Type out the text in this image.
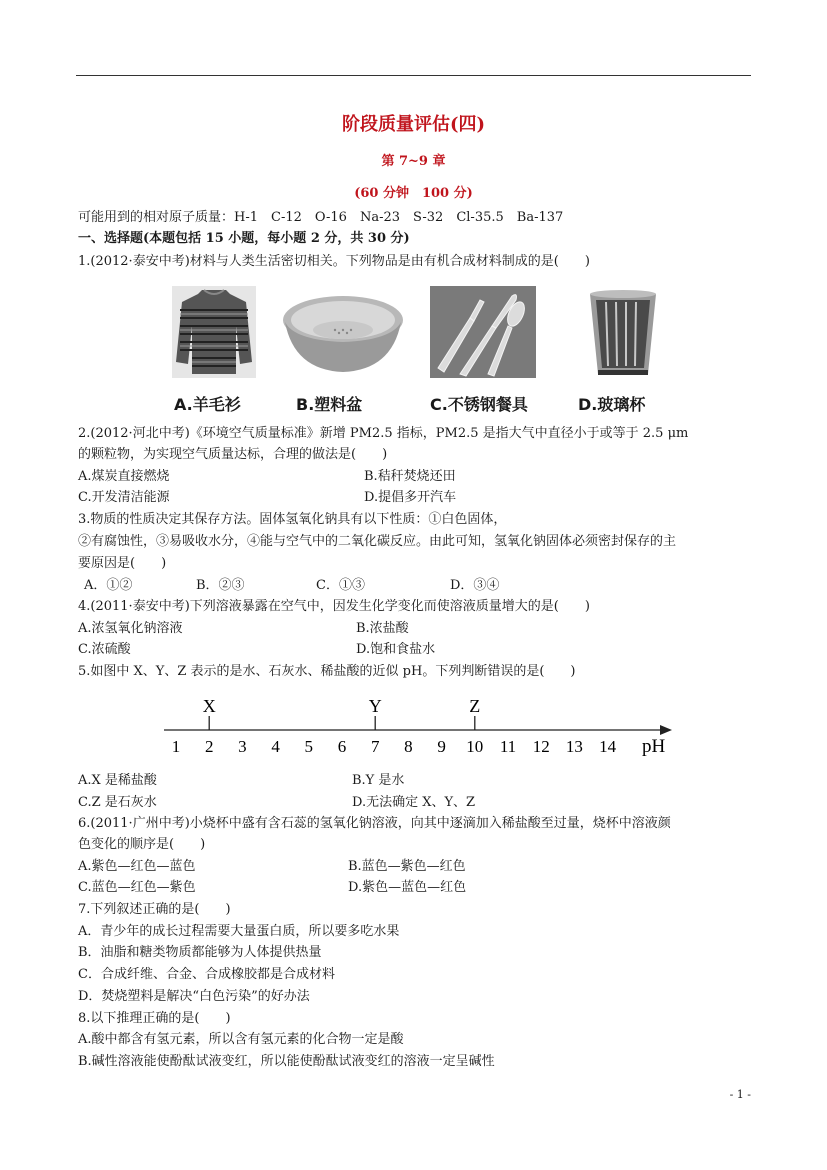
阶段质量评估(四)
第 7~9 章
(60 分钟　100 分)
可能用到的相对原子质量：H-1　C-12　O-16　Na-23　S-32　Cl-35.5　Ba-137
一、选择题(本题包括 15 小题，每小题 2 分，共 30 分)
1.(2012·泰安中考)材料与人类生活密切相关。下列物品是由有机合成材料制成的是(　　)
A.羊毛衫	B.塑料盆	C.不锈钢餐具	D.玻璃杯
2.(2012·河北中考)《环境空气质量标准》新增 PM2.5 指标，PM2.5 是指大气中直径小于或等于 2.5 μm
的颗粒物，为实现空气质量达标，合理的做法是(　　)
A.煤炭直接燃烧	B.秸秆焚烧还田
C.开发清洁能源	D.提倡多开汽车
3.物质的性质决定其保存方法。固体氢氧化钠具有以下性质：①白色固体，
②有腐蚀性，③易吸收水分，④能与空气中的二氧化碳反应。由此可知，氢氧化钠固体必须密封保存的主
要原因是(　　)
A．①②	B．②③	C．①③	D．③④
4.(2011·泰安中考)下列溶液暴露在空气中，因发生化学变化而使溶液质量增大的是(　　)
A.浓氢氧化钠溶液	B.浓盐酸
C.浓硫酸	D.饱和食盐水
5.如图中 X、Y、Z 表示的是水、石灰水、稀盐酸的近似 pH。下列判断错误的是(　　)
1 2 3 4 5 6 7 8 9 10 11 12 13 14
X	Y	Z
pH
A.X 是稀盐酸	B.Y 是水
C.Z 是石灰水	D.无法确定 X、Y、Z
6.(2011·广州中考)小烧杯中盛有含石蕊的氢氧化钠溶液，向其中逐滴加入稀盐酸至过量，烧杯中溶液颜
色变化的顺序是(　　)
A.紫色—红色—蓝色	B.蓝色—紫色—红色
C.蓝色—红色—紫色	D.紫色—蓝色—红色
7.下列叙述正确的是(　　)
A．青少年的成长过程需要大量蛋白质，所以要多吃水果
B．油脂和糖类物质都能够为人体提供热量
C．合成纤维、合金、合成橡胶都是合成材料
D．焚烧塑料是解决“白色污染”的好办法
8.以下推理正确的是(　　)
A.酸中都含有氢元素，所以含有氢元素的化合物一定是酸
B.碱性溶液能使酚酞试液变红，所以能使酚酞试液变红的溶液一定呈碱性
- 1 -
